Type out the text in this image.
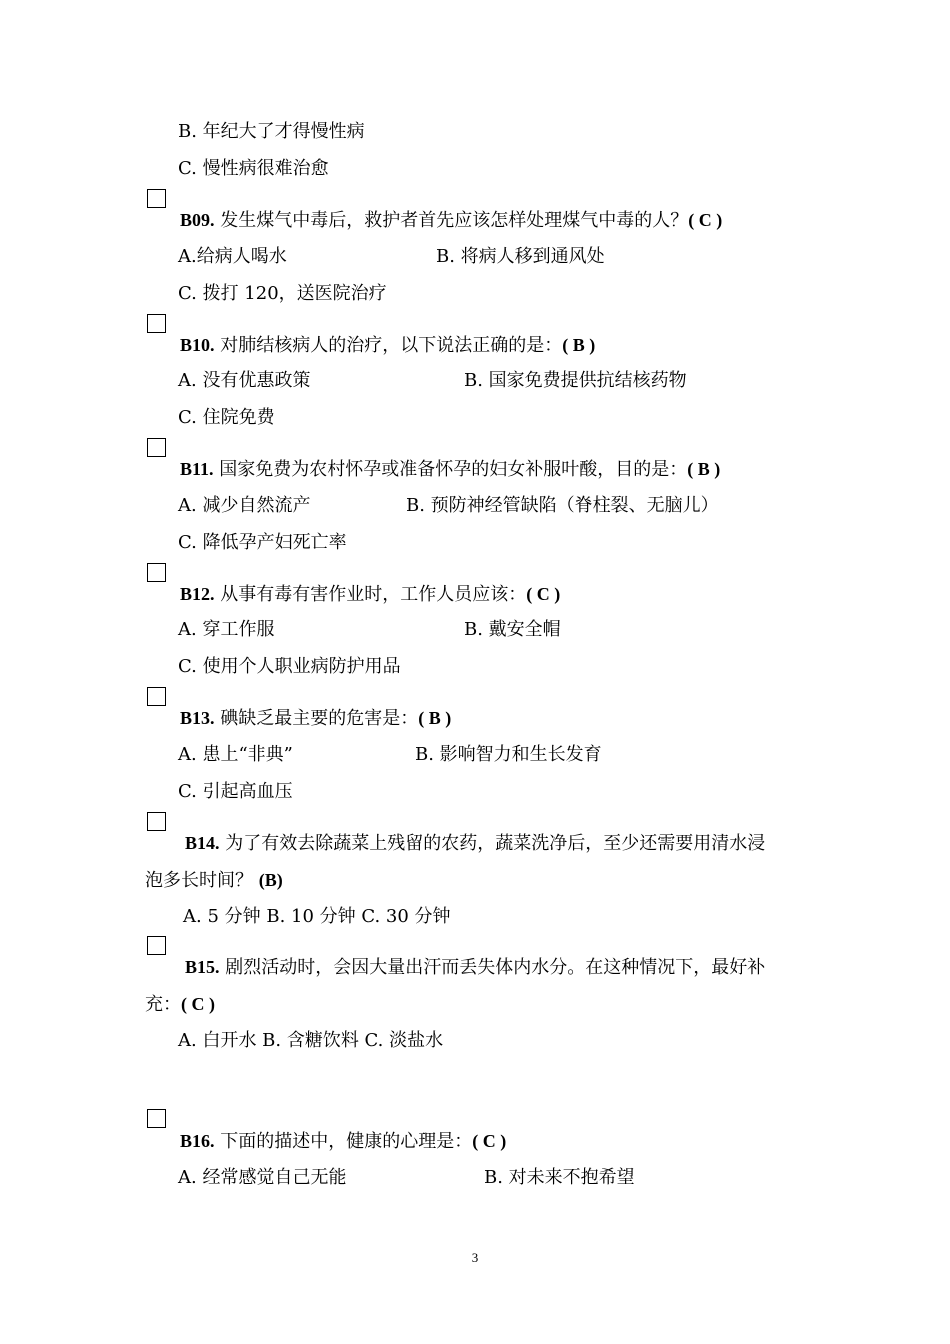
B. 年纪大了才得慢性病
C. 慢性病很难治愈
B09. 发生煤气中毒后，救护者首先应该怎样处理煤气中毒的人？( C )
A.给病人喝水	B. 将病人移到通风处
C. 拨打 120，送医院治疗
B10. 对肺结核病人的治疗，以下说法正确的是：( B )
A. 没有优惠政策	B. 国家免费提供抗结核药物
C. 住院免费
B11. 国家免费为农村怀孕或准备怀孕的妇女补服叶酸，目的是：( B )
A. 减少自然流产	B. 预防神经管缺陷（脊柱裂、无脑儿）
C. 降低孕产妇死亡率
B12. 从事有毒有害作业时，工作人员应该：( C )
A. 穿工作服	B. 戴安全帽
C. 使用个人职业病防护用品
B13. 碘缺乏最主要的危害是：( B )
A. 患上“非典”	B. 影响智力和生长发育
C. 引起高血压
B14. 为了有效去除蔬菜上残留的农药，蔬菜洗净后，至少还需要用清水浸
泡多长时间？ (B)
A. 5 分钟 B. 10 分钟 C. 30 分钟
B15. 剧烈活动时，会因大量出汗而丢失体内水分。在这种情况下，最好补
充：( C )
A. 白开水 B. 含糖饮料 C. 淡盐水
B16. 下面的描述中，健康的心理是：( C )
A. 经常感觉自己无能	B. 对未来不抱希望
3
